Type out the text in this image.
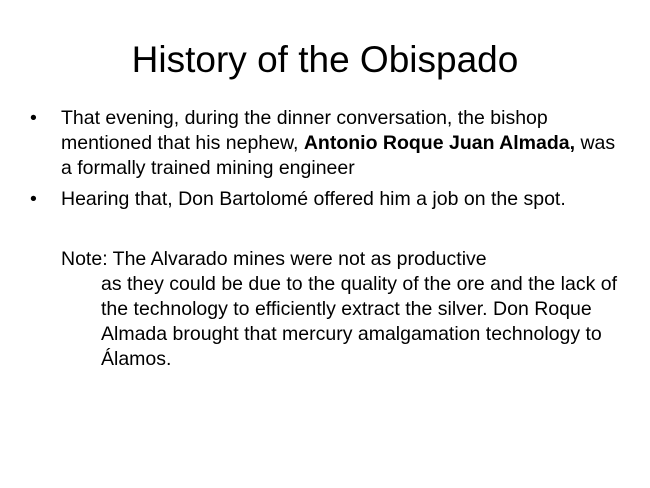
History of the Obispado
• That evening, during the dinner conversation, the bishop mentioned that his nephew, Antonio Roque Juan Almada, was a formally trained mining engineer
• Hearing that, Don Bartolomé offered him a job on the spot.

Note: The Alvarado mines were not as productive
as they could be due to the quality of the ore and the lack of the technology to efficiently extract the silver. Don Roque Almada brought that mercury amalgamation technology to Álamos.
